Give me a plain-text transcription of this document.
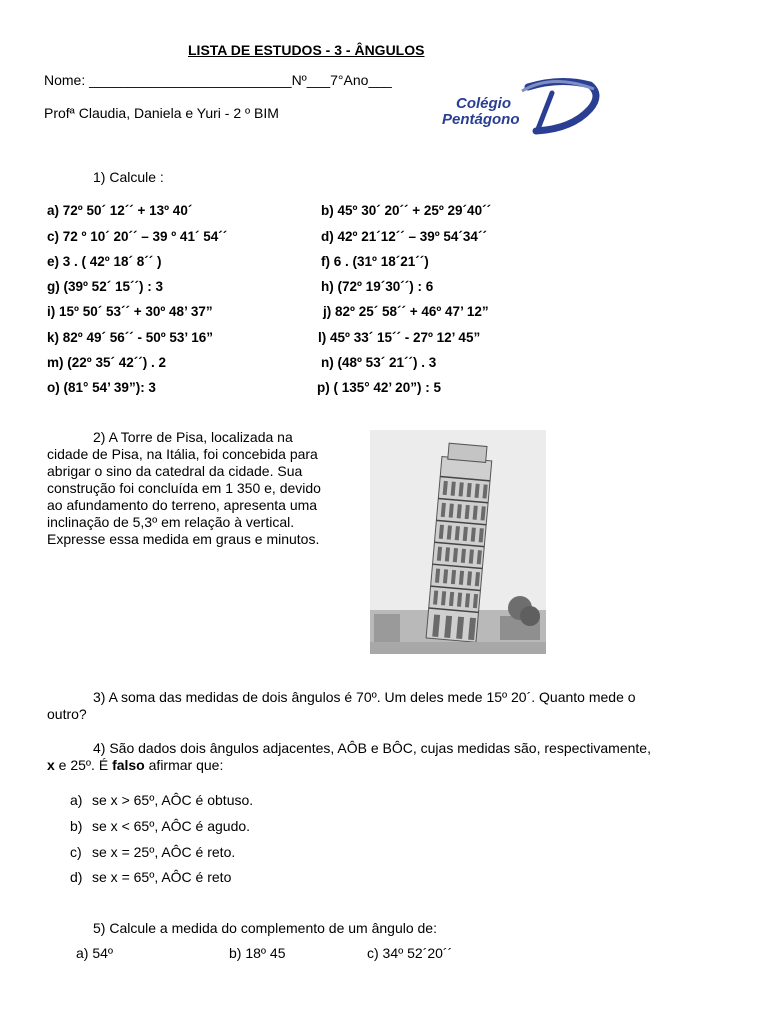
LISTA DE ESTUDOS - 3 - ÂNGULOS
Nome: __________________________Nº___7°Ano___
Profª Claudia, Daniela e Yuri - 2 º BIM
Colégio
Pentágono
1) Calcule :
a) 72º 50´ 12´´ + 13º 40´	b) 45º 30´ 20´´ + 25º 29´40´´
c) 72 º 10´ 20´´ – 39 º 41´ 54´´	d) 42º 21´12´´ – 39º 54´34´´
e) 3 . ( 42º 18´ 8´´ )	f) 6 . (31º 18´21´´)
g) (39º 52´ 15´´) : 3	h) (72º 19´30´´) : 6
i) 15º 50´ 53´´ + 30º 48’ 37”	j) 82º 25´ 58´´ + 46º 47’ 12”
k) 82º 49´ 56´´ - 50º 53’ 16”	l) 45º 33´ 15´´ - 27º 12’ 45”
m) (22º 35´ 42´´) . 2	n) (48º 53´ 21´´) . 3
o) (81° 54’ 39”): 3	p) ( 135° 42’ 20”) : 5
2) A Torre de Pisa, localizada na
cidade de Pisa, na Itália, foi concebida para
abrigar o sino da catedral da cidade. Sua
construção foi concluída em 1 350 e, devido
ao afundamento do terreno, apresenta uma
inclinação de 5,3º em relação à vertical.
Expresse essa medida em graus e minutos.
3) A soma das medidas de dois ângulos é 70º. Um deles mede 15º 20´. Quanto mede o
outro?
4) São dados dois ângulos adjacentes, AÔB e BÔC, cujas medidas são, respectivamente,
x e 25º. É falso afirmar que:
a) se x > 65º, AÔC é obtuso.
b) se x < 65º, AÔC é agudo.
c) se x = 25º, AÔC é reto.
d) se x = 65º, AÔC é reto
5) Calcule a medida do complemento de um ângulo de:
a) 54º	b) 18º 45	c) 34º 52´20´´
